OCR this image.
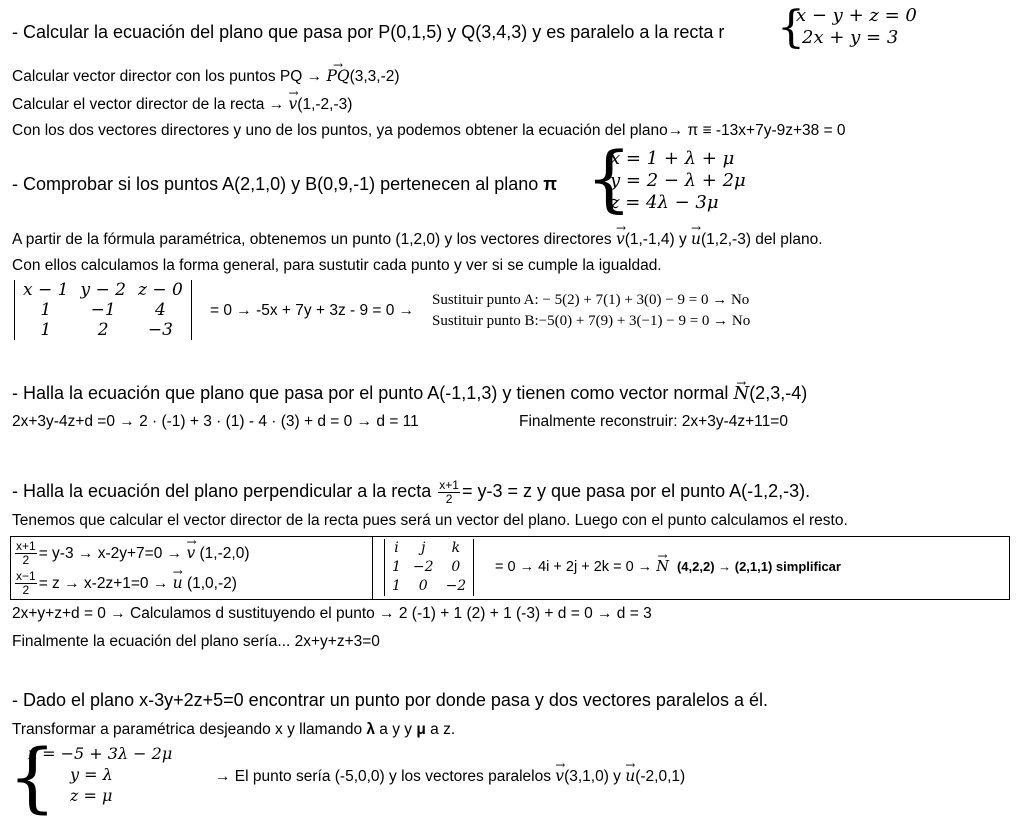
- Calcular la ecuación del plano que pasa por P(0,1,5) y Q(3,4,3) y es paralelo a la recta r {
x − y + z = 0
2x + y = 3
Calcular vector director con los puntos PQ → → PQ(3,3,-2)
Calcular el vector director de la recta → → v(1,-2,-3)
Con los dos vectores directores y uno de los puntos, ya podemos obtener la ecuación del plano→ π ≡ -13x+7y-9z+38 = 0
- Comprobar si los puntos A(2,1,0) y B(0,9,-1) pertenecen al plano π {
x = 1 + λ + μ
y = 2 − λ + 2μ
z = 4λ − 3μ
A partir de la fórmula paramétrica, obtenemos un punto (1,2,0) y los vectores directores → v(1,-1,4) y → u(1,2,-3) del plano.
Con ellos calculamos la forma general, para sustutir cada punto y ver si se cumple la igualdad.
x − 1	y − 2	z − 0
1	−1	4
1	2	−3
= 0 → -5x + 7y + 3z - 9 = 0 →
Sustituir punto A: − 5(2) + 7(1) + 3(0) − 9 = 0 → No
Sustituir punto B:−5(0) + 7(9) + 3(−1) − 9 = 0 → No
- Halla la ecuación que plano que pasa por el punto A(-1,1,3) y tienen como vector normal → N(2,3,-4)
2x+3y-4z+d =0 → 2 · (-1) + 3 · (1) - 4 · (3) + d = 0 → d = 11	Finalmente reconstruir: 2x+3y-4z+11=0
- Halla la ecuación del plano perpendicular a la recta $\frac{x+1}{2} = y-3 = z$ y que pasa por el punto A(-1,2,-3).
Tenemos que calcular el vector director de la recta pues será un vector del plano. Luego con el punto calculamos el resto.
$\frac{x+1}{2} = y-3 \to x-2y+7=0$ → → v (1,-2,0)
$\frac{x-1}{2} = z \to x-2z+1=0$ → → u (1,0,-2)
i	j	k
1	−2	0
1	0	−2
= 0 → 4i + 2j + 2k = 0 → → N (4,2,2) → (2,1,1) simplificar
2x+y+z+d = 0 → Calculamos d sustituyendo el punto → 2 (-1) + 1 (2) + 1 (-3) + d = 0 → d = 3
Finalmente la ecuación del plano sería... 2x+y+z+3=0
- Dado el plano x-3y+2z+5=0 encontrar un punto por donde pasa y dos vectores paralelos a él.
Transformar a paramétrica desjeando x y llamando λ a y y μ a z.
{
x = −5 + 3λ − 2μ
y = λ
z = μ
→ El punto sería (-5,0,0) y los vectores paralelos → v(3,1,0) y → u(-2,0,1)
